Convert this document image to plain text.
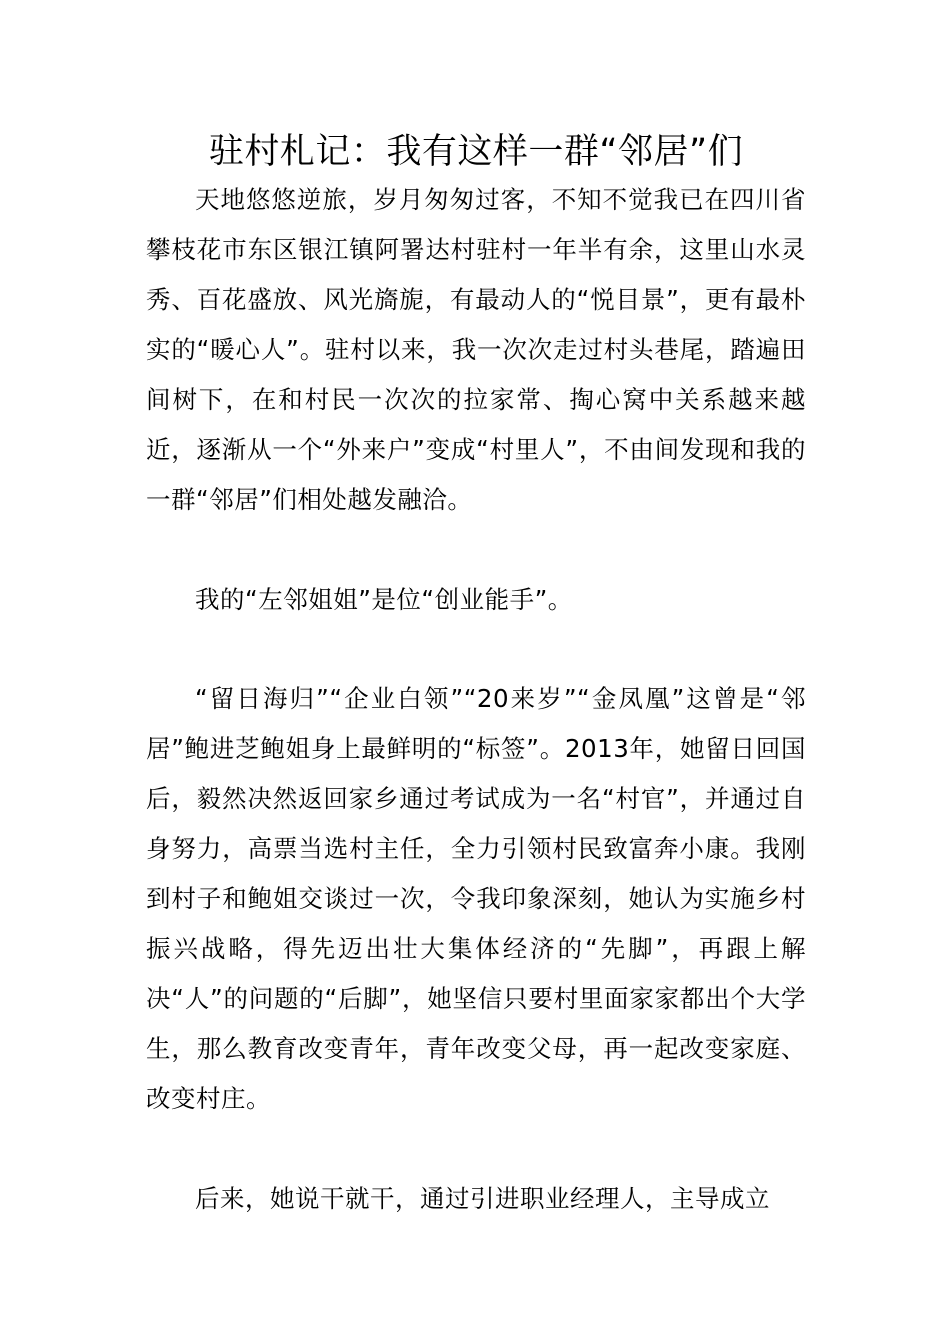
驻村札记：我有这样一群“邻居”们

天地悠悠逆旅，岁月匆匆过客，不知不觉我已在四川省攀枝花市东区银江镇阿署达村驻村一年半有余，这里山水灵秀、百花盛放、风光旖旎，有最动人的“悦目景”，更有最朴实的“暖心人”。驻村以来，我一次次走过村头巷尾，踏遍田间树下，在和村民一次次的拉家常、掏心窝中关系越来越近，逐渐从一个“外来户”变成“村里人”，不由间发现和我的一群“邻居”们相处越发融洽。

我的“左邻姐姐”是位“创业能手”。

“留日海归”“企业白领”“20来岁”“金凤凰”这曾是“邻居”鲍进芝鲍姐身上最鲜明的“标签”。2013年，她留日回国后，毅然决然返回家乡通过考试成为一名“村官”，并通过自身努力，高票当选村主任，全力引领村民致富奔小康。我刚到村子和鲍姐交谈过一次，令我印象深刻，她认为实施乡村振兴战略，得先迈出壮大集体经济的“先脚”，再跟上解决“人”的问题的“后脚”，她坚信只要村里面家家都出个大学生，那么教育改变青年，青年改变父母，再一起改变家庭、改变村庄。

后来，她说干就干，通过引进职业经理人，主导成立
